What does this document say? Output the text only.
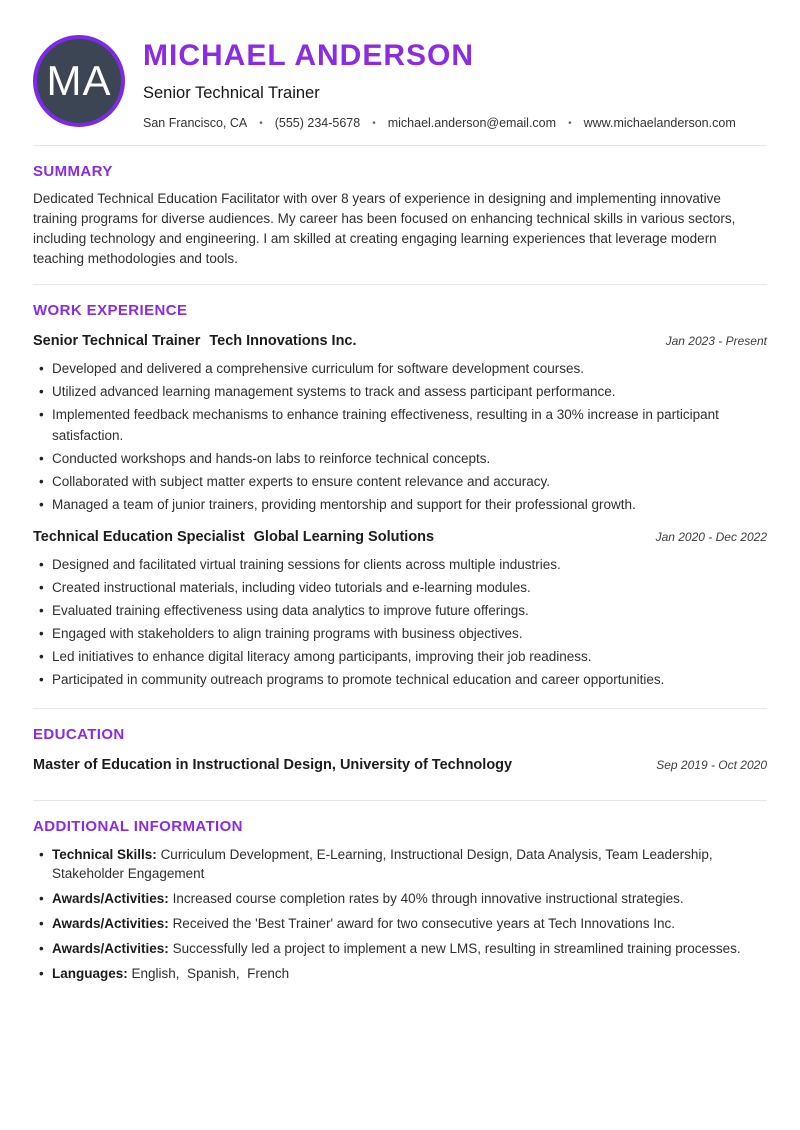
MA
MICHAEL ANDERSON
Senior Technical Trainer
San Francisco, CA • (555) 234-5678 • michael.anderson@email.com • www.michaelanderson.com
SUMMARY

Dedicated Technical Education Facilitator with over 8 years of experience in designing and implementing innovative training programs for diverse audiences. My career has been focused on enhancing technical skills in various sectors, including technology and engineering. I am skilled at creating engaging learning experiences that leverage modern teaching methodologies and tools.

WORK EXPERIENCE
Senior Technical Trainer Tech Innovations Inc.	Jan 2023 - Present
• Developed and delivered a comprehensive curriculum for software development courses.
• Utilized advanced learning management systems to track and assess participant performance.
• Implemented feedback mechanisms to enhance training effectiveness, resulting in a 30% increase in participant satisfaction.
• Conducted workshops and hands-on labs to reinforce technical concepts.
• Collaborated with subject matter experts to ensure content relevance and accuracy.
• Managed a team of junior trainers, providing mentorship and support for their professional growth.
Technical Education Specialist Global Learning Solutions	Jan 2020 - Dec 2022
• Designed and facilitated virtual training sessions for clients across multiple industries.
• Created instructional materials, including video tutorials and e-learning modules.
• Evaluated training effectiveness using data analytics to improve future offerings.
• Engaged with stakeholders to align training programs with business objectives.
• Led initiatives to enhance digital literacy among participants, improving their job readiness.
• Participated in community outreach programs to promote technical education and career opportunities.
EDUCATION
Master of Education in Instructional Design, University of Technology	Sep 2019 - Oct 2020
ADDITIONAL INFORMATION
• Technical Skills: Curriculum Development, E-Learning, Instructional Design, Data Analysis, Team Leadership, Stakeholder Engagement
• Awards/Activities: Increased course completion rates by 40% through innovative instructional strategies.
• Awards/Activities: Received the 'Best Trainer' award for two consecutive years at Tech Innovations Inc.
• Awards/Activities: Successfully led a project to implement a new LMS, resulting in streamlined training processes.
• Languages: English,  Spanish,  French
